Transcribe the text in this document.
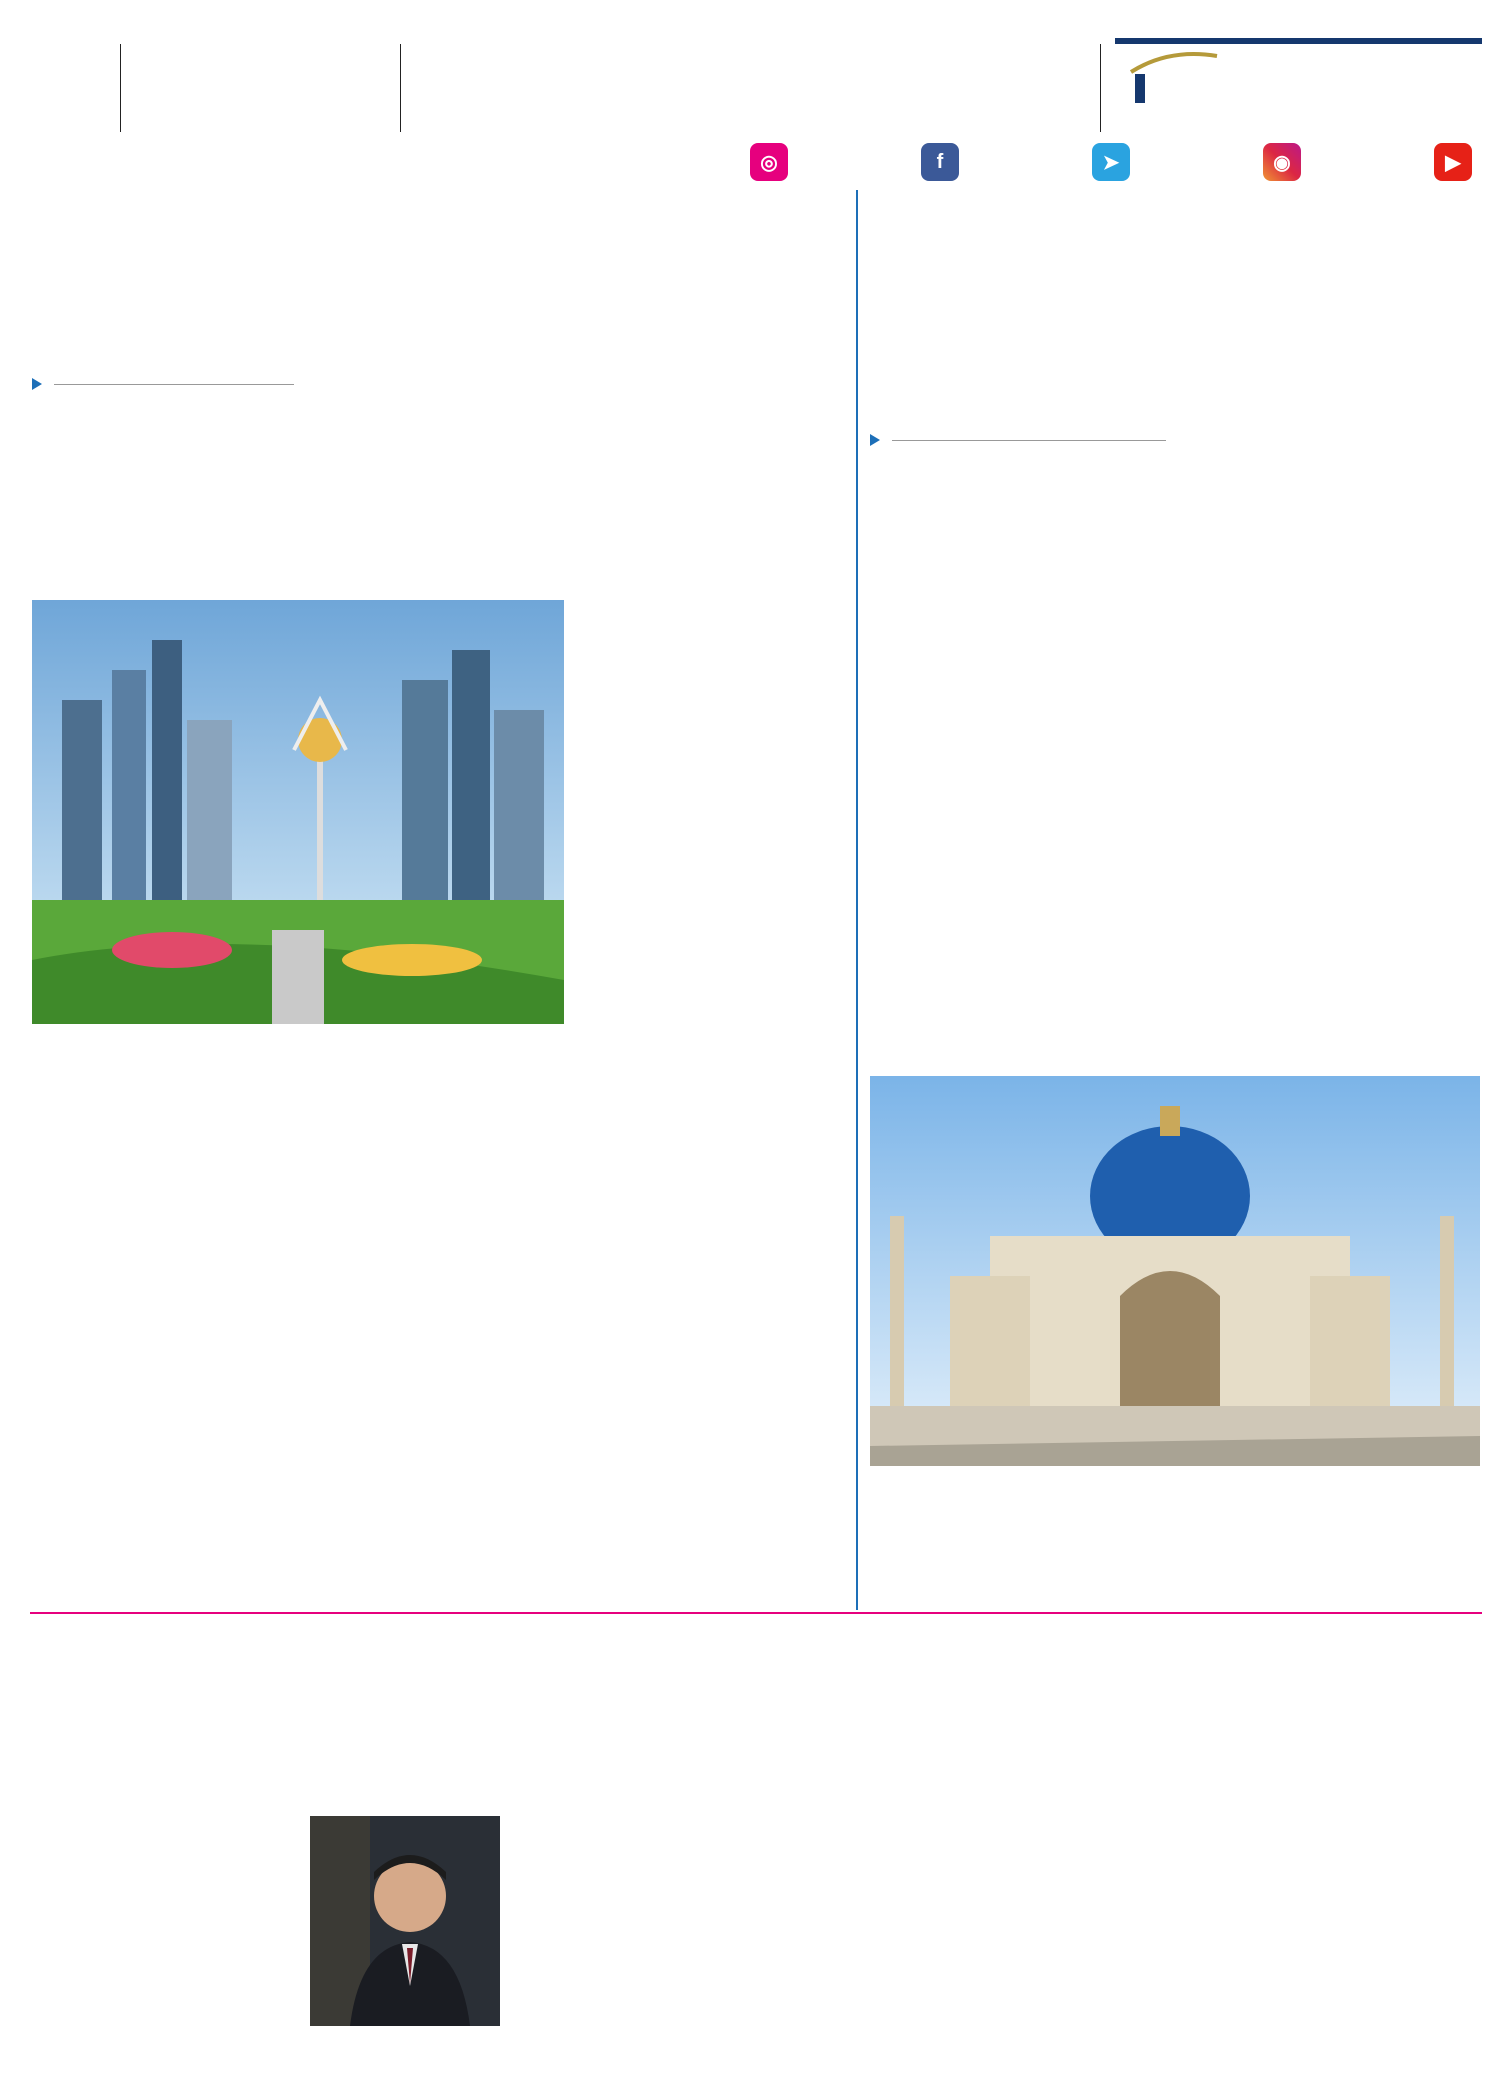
◎	f	➤	◉	▶
